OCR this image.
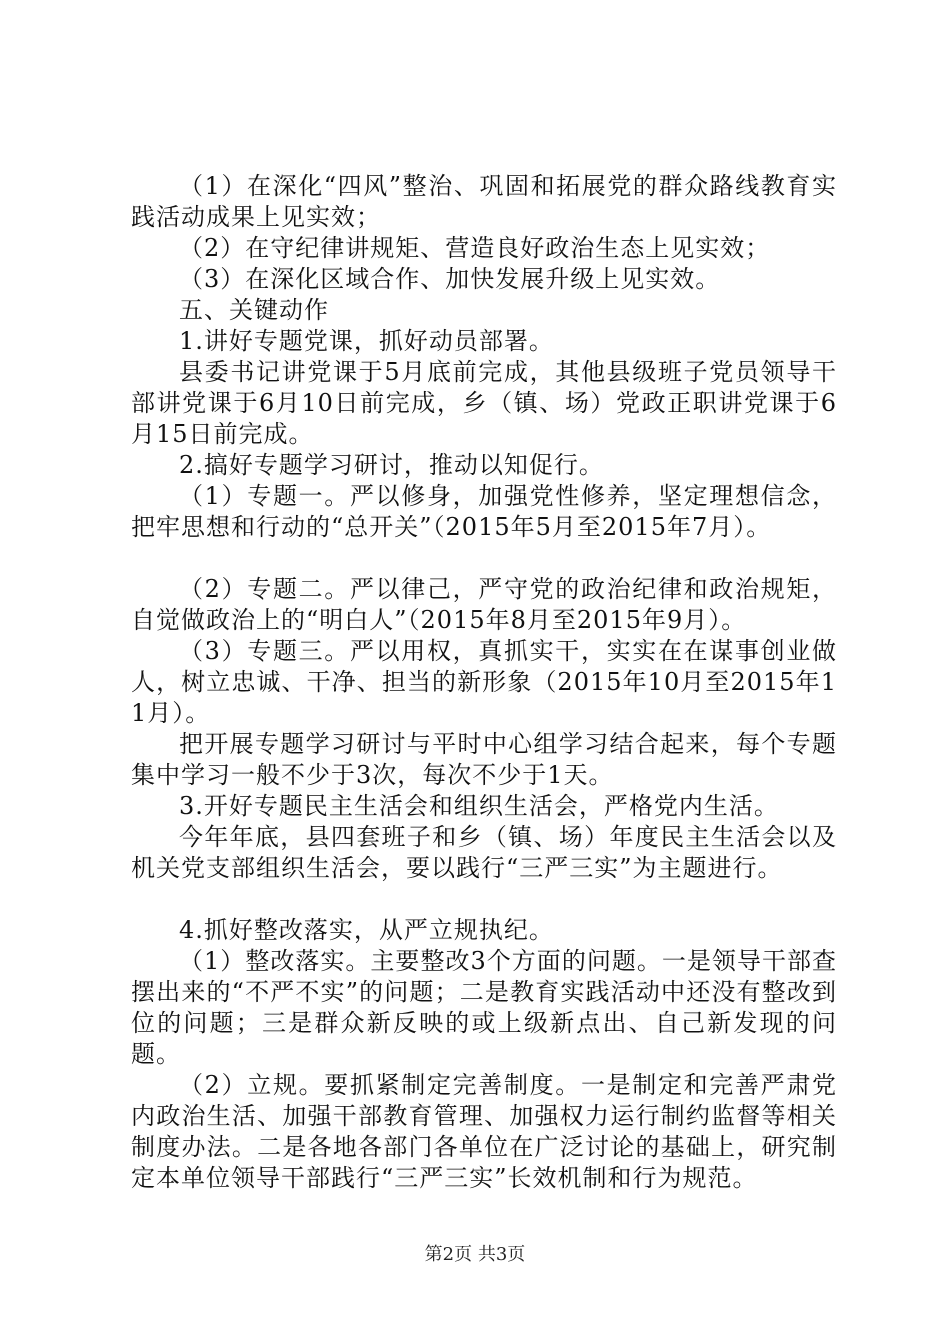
（1）在深化“四风”整治、巩固和拓展党的群众路线教育实践活动成果上见实效；

（2）在守纪律讲规矩、营造良好政治生态上见实效；

（3）在深化区域合作、加快发展升级上见实效。

五、关键动作

1.讲好专题党课，抓好动员部署。

县委书记讲党课于5月底前完成，其他县级班子党员领导干部讲党课于6月10日前完成，乡（镇、场）党政正职讲党课于6月15日前完成。

2.搞好专题学习研讨，推动以知促行。

（1）专题一。严以修身，加强党性修养，坚定理想信念，把牢思想和行动的“总开关”（2015年5月至2015年7月）。

（2）专题二。严以律己，严守党的政治纪律和政治规矩，自觉做政治上的“明白人”（2015年8月至2015年9月）。

（3）专题三。严以用权，真抓实干，实实在在谋事创业做人，树立忠诚、干净、担当的新形象（2015年10月至2015年11月）。

把开展专题学习研讨与平时中心组学习结合起来，每个专题集中学习一般不少于3次，每次不少于1天。

3.开好专题民主生活会和组织生活会，严格党内生活。

今年年底，县四套班子和乡（镇、场）年度民主生活会以及机关党支部组织生活会，要以践行“三严三实”为主题进行。

4.抓好整改落实，从严立规执纪。

（1）整改落实。主要整改3个方面的问题。一是领导干部查摆出来的“不严不实”的问题；二是教育实践活动中还没有整改到位的问题；三是群众新反映的或上级新点出、自己新发现的问题。

（2）立规。要抓紧制定完善制度。一是制定和完善严肃党内政治生活、加强干部教育管理、加强权力运行制约监督等相关制度办法。二是各地各部门各单位在广泛讨论的基础上，研究制定本单位领导干部践行“三严三实”长效机制和行为规范。

第2页 共3页
